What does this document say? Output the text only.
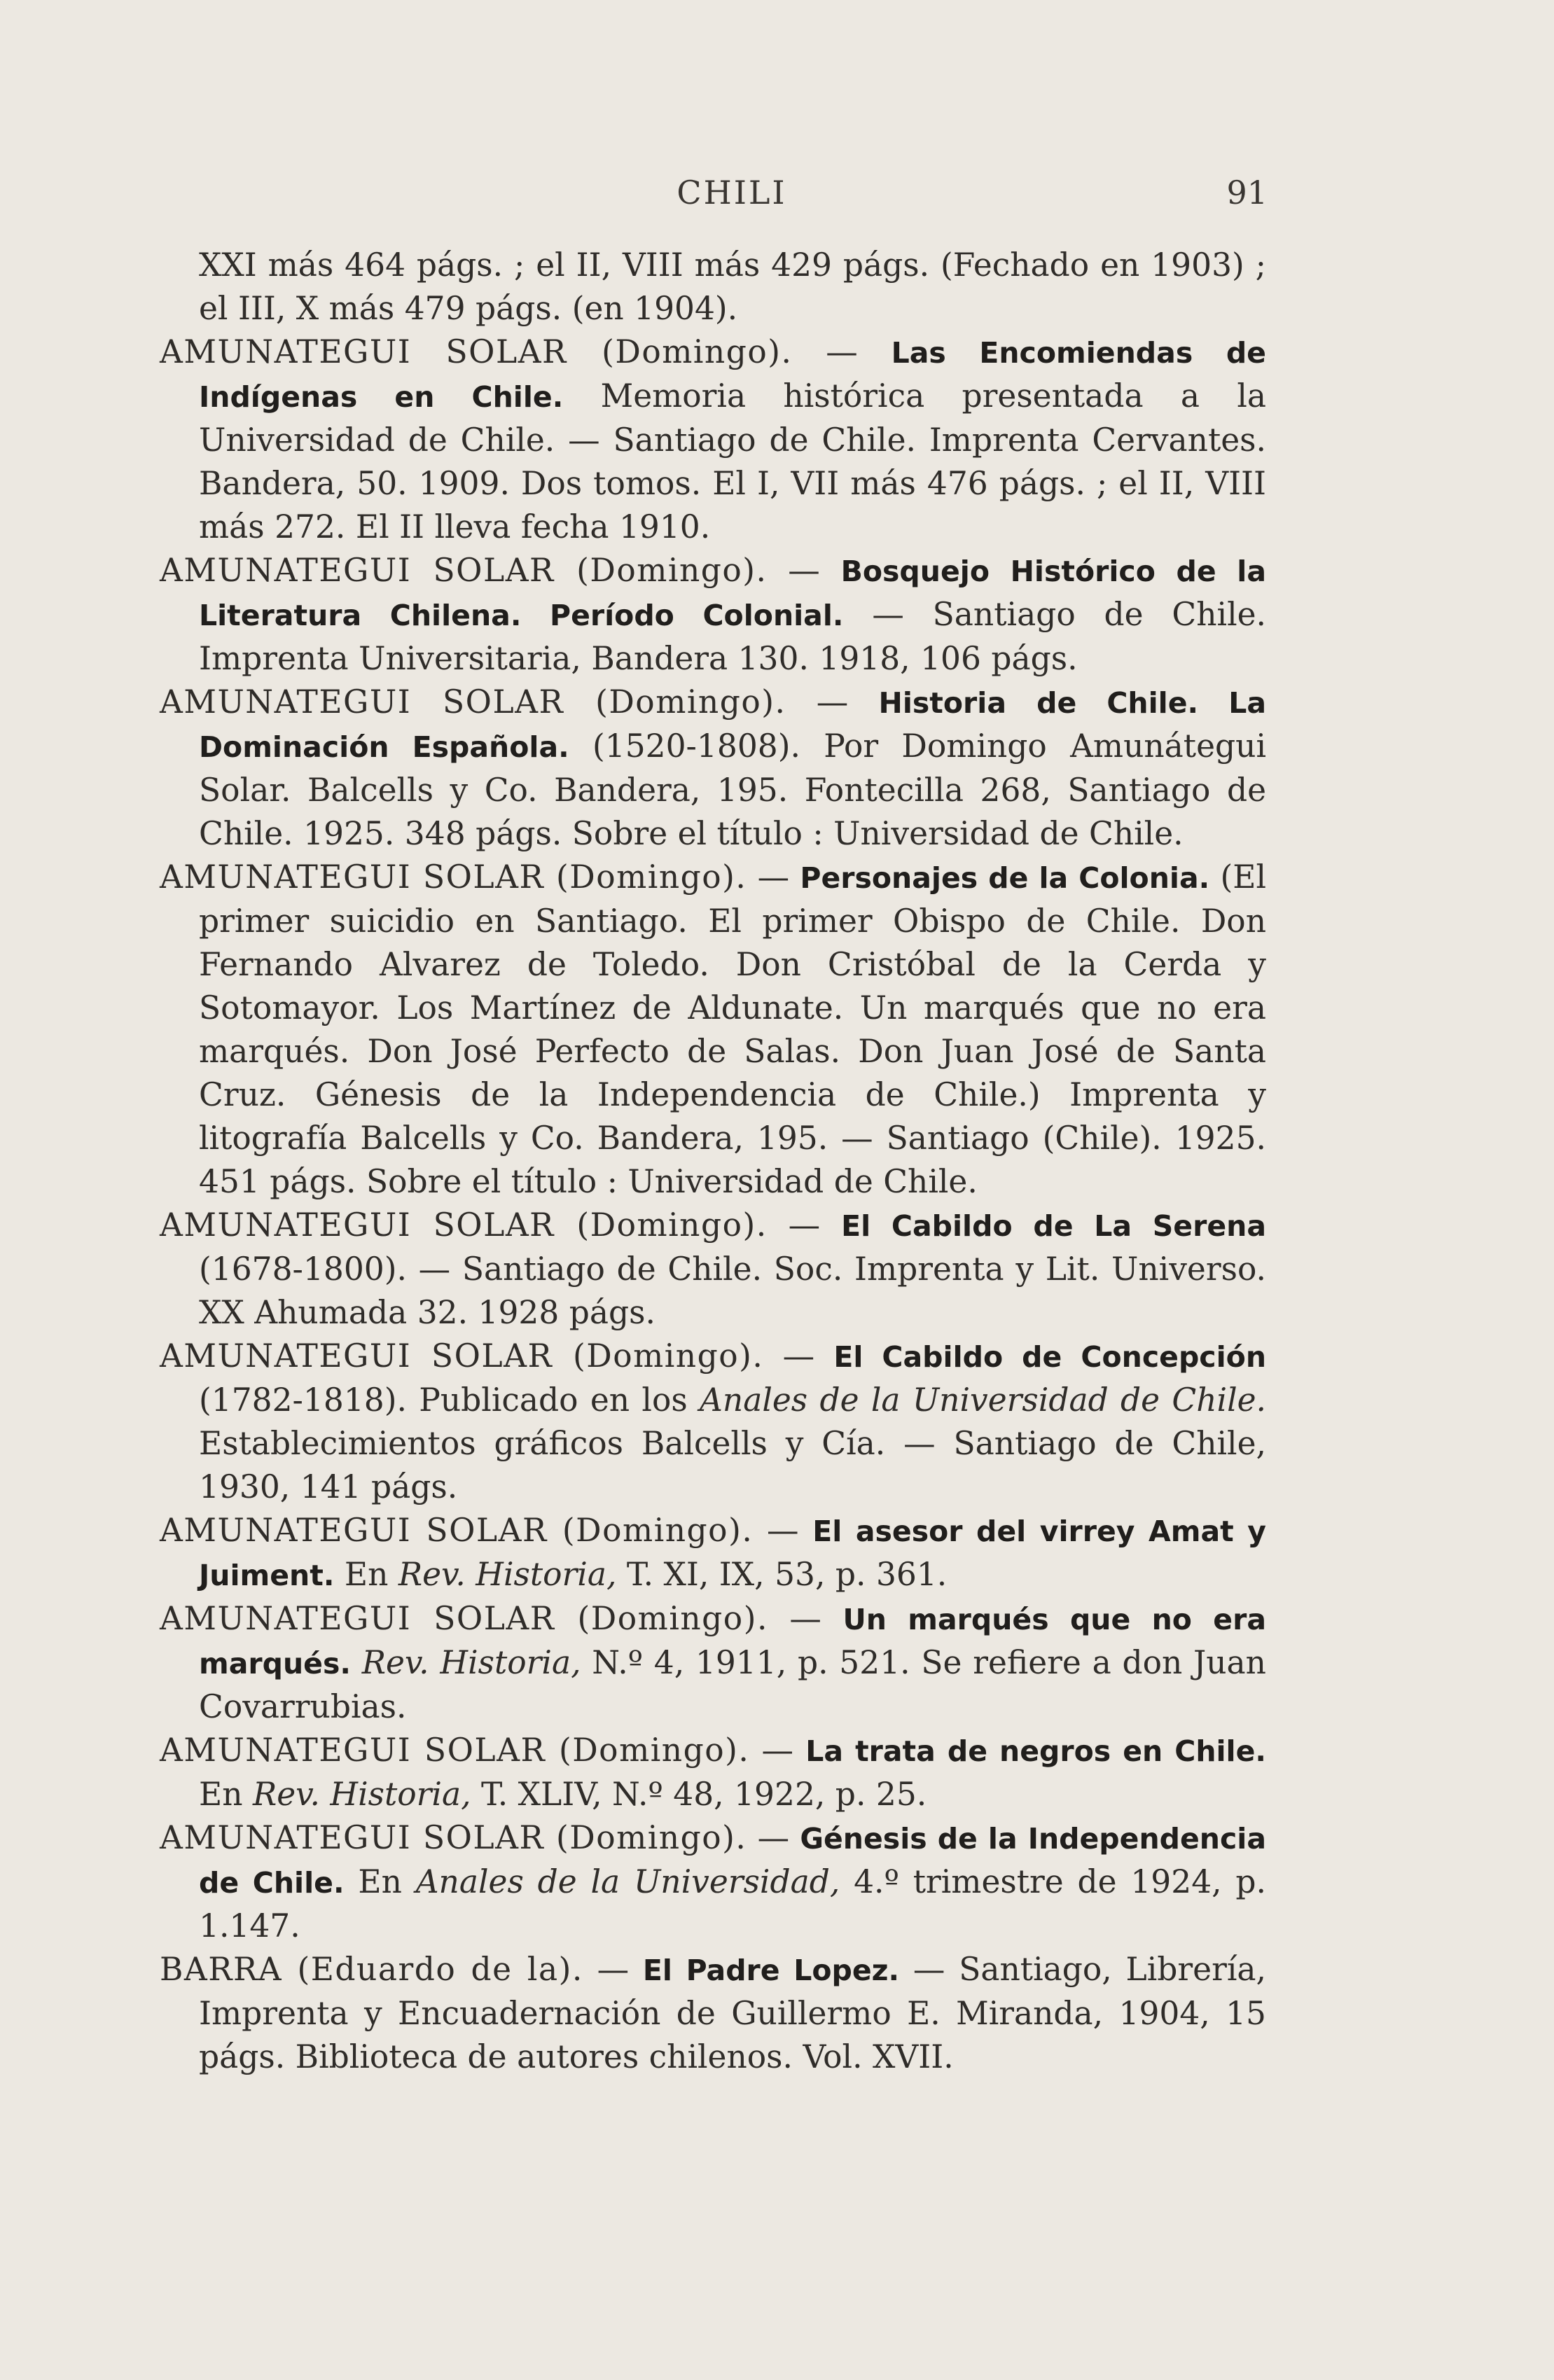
CHILI	91

XXI más 464 págs. ; el II, VIII más 429 págs. (Fechado en 1903) ; el III, X más 479 págs. (en 1904).

AMUNATEGUI SOLAR (Domingo). — Las Encomiendas de Indígenas en Chile. Memoria histórica presentada a la Universidad de Chile. — Santiago de Chile. Imprenta Cervantes. Bandera, 50. 1909. Dos tomos. El I, VII más 476 págs. ; el II, VIII más 272. El II lleva fecha 1910.

AMUNATEGUI SOLAR (Domingo). — Bosquejo Histórico de la Literatura Chilena. Período Colonial. — Santiago de Chile. Imprenta Universitaria, Bandera 130. 1918, 106 págs.

AMUNATEGUI SOLAR (Domingo). — Historia de Chile. La Dominación Española. (1520-1808). Por Domingo Amunátegui Solar. Balcells y Co. Bandera, 195. Fontecilla 268, Santiago de Chile. 1925. 348 págs. Sobre el título : Universidad de Chile.

AMUNATEGUI SOLAR (Domingo). — Personajes de la Colonia. (El primer suicidio en Santiago. El primer Obispo de Chile. Don Fernando Alvarez de Toledo. Don Cristóbal de la Cerda y Sotomayor. Los Martínez de Aldunate. Un marqués que no era marqués. Don José Perfecto de Salas. Don Juan José de Santa Cruz. Génesis de la Independencia de Chile.) Imprenta y litografía Balcells y Co. Bandera, 195. — Santiago (Chile). 1925. 451 págs. Sobre el título : Universidad de Chile.

AMUNATEGUI SOLAR (Domingo). — El Cabildo de La Serena (1678-1800). — Santiago de Chile. Soc. Imprenta y Lit. Universo. XX Ahumada 32. 1928 págs.

AMUNATEGUI SOLAR (Domingo). — El Cabildo de Concepción (1782-1818). Publicado en los Anales de la Universidad de Chile. Establecimientos gráficos Balcells y Cía. — Santiago de Chile, 1930, 141 págs.

AMUNATEGUI SOLAR (Domingo). — El asesor del virrey Amat y Juiment. En Rev. Historia, T. XI, IX, 53, p. 361.

AMUNATEGUI SOLAR (Domingo). — Un marqués que no era marqués. Rev. Historia, N.º 4, 1911, p. 521. Se refiere a don Juan Covarrubias.

AMUNATEGUI SOLAR (Domingo). — La trata de negros en Chile. En Rev. Historia, T. XLIV, N.º 48, 1922, p. 25.

AMUNATEGUI SOLAR (Domingo). — Génesis de la Independencia de Chile. En Anales de la Universidad, 4.º trimestre de 1924, p. 1.147.

BARRA (Eduardo de la). — El Padre Lopez. — Santiago, Librería, Imprenta y Encuadernación de Guillermo E. Miranda, 1904, 15 págs. Biblioteca de autores chilenos. Vol. XVII.
